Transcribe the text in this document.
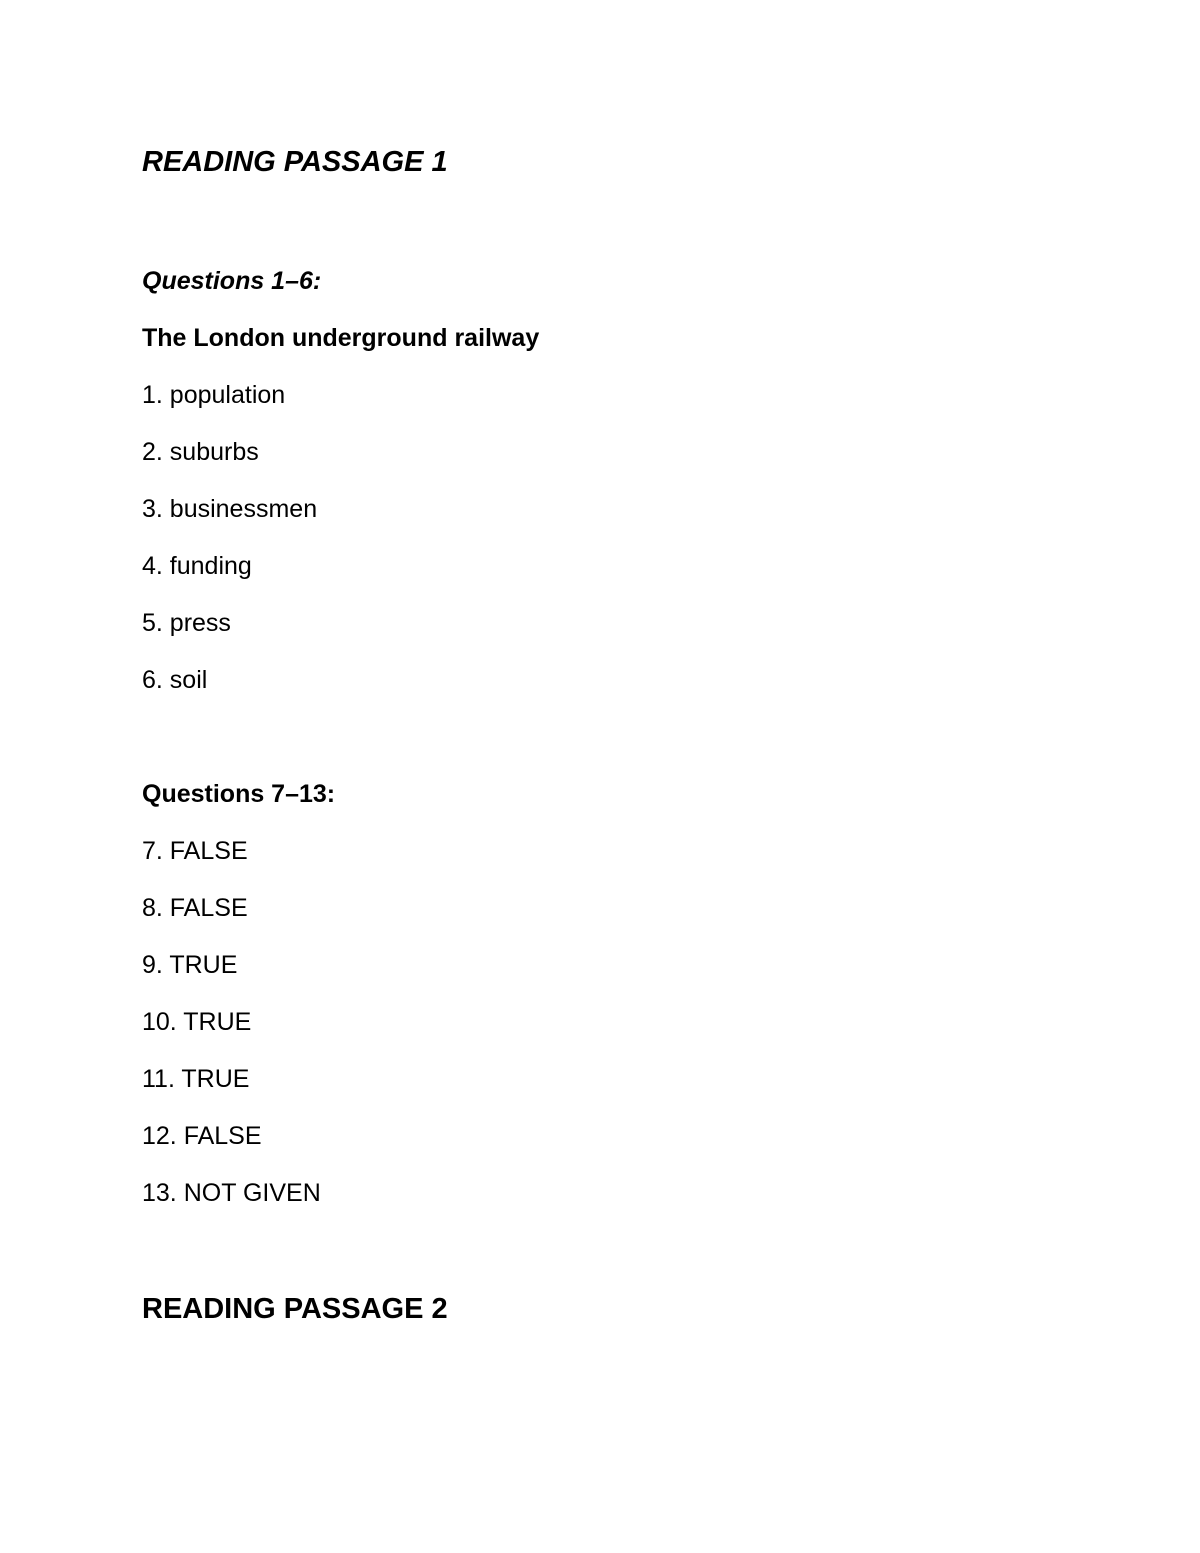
READING PASSAGE 1
Questions 1–6:
The London underground railway
1. population
2. suburbs
3. businessmen
4. funding
5. press
6. soil
Questions 7–13:
7. FALSE
8. FALSE
9. TRUE
10. TRUE
11. TRUE
12. FALSE
13. NOT GIVEN
READING PASSAGE 2
